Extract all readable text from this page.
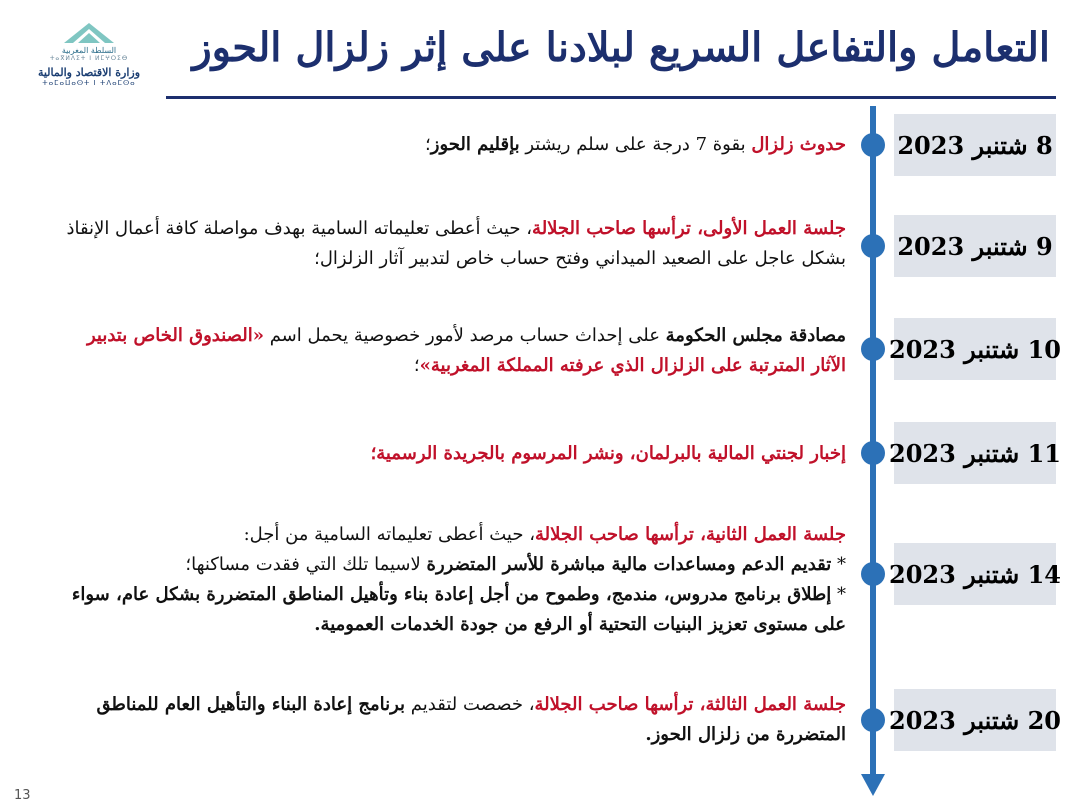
السلطة المغربية
ⵜⴰⴳⵍⴷⵉⵜ ⵏ ⵍⵎⵖⵔⵉⴱ
وزارة الاقتصاد والمالية
ⵜⴰⵎⴰⵡⴰⵙⵜ ⵏ ⵜⴷⴰⵎⵙⴰ
التعامل والتفاعل السريع لبلادنا على إثر زلزال الحوز
8 شتنبر 2023
9 شتنبر 2023
10 شتنبر 2023
11 شتنبر 2023
14 شتنبر 2023
20 شتنبر 2023

حدوث زلزال بقوة 7 درجة على سلم ريشتر بإقليم الحوز؛

جلسة العمل الأولى، ترأسها صاحب الجلالة، حيث أعطى تعليماته السامية بهدف مواصلة كافة أعمال الإنقاذ

بشكل عاجل على الصعيد الميداني وفتح حساب خاص لتدبير آثار الزلزال؛

مصادقة مجلس الحكومة على إحداث حساب مرصد لأمور خصوصية يحمل اسم «الصندوق الخاص بتدبير

الآثار المترتبة على الزلزال الذي عرفته المملكة المغربية»؛

إخبار لجنتي المالية بالبرلمان، ونشر المرسوم بالجريدة الرسمية؛

جلسة العمل الثانية، ترأسها صاحب الجلالة، حيث أعطى تعليماته السامية من أجل:

* تقديم الدعم ومساعدات مالية مباشرة للأسر المتضررة لاسيما تلك التي فقدت مساكنها؛

* إطلاق برنامج مدروس، مندمج، وطموح من أجل إعادة بناء وتأهيل المناطق المتضررة بشكل عام، سواء

على مستوى تعزيز البنيات التحتية أو الرفع من جودة الخدمات العمومية.

جلسة العمل الثالثة، ترأسها صاحب الجلالة، خصصت لتقديم برنامج إعادة البناء والتأهيل العام للمناطق

المتضررة من زلزال الحوز.

13
